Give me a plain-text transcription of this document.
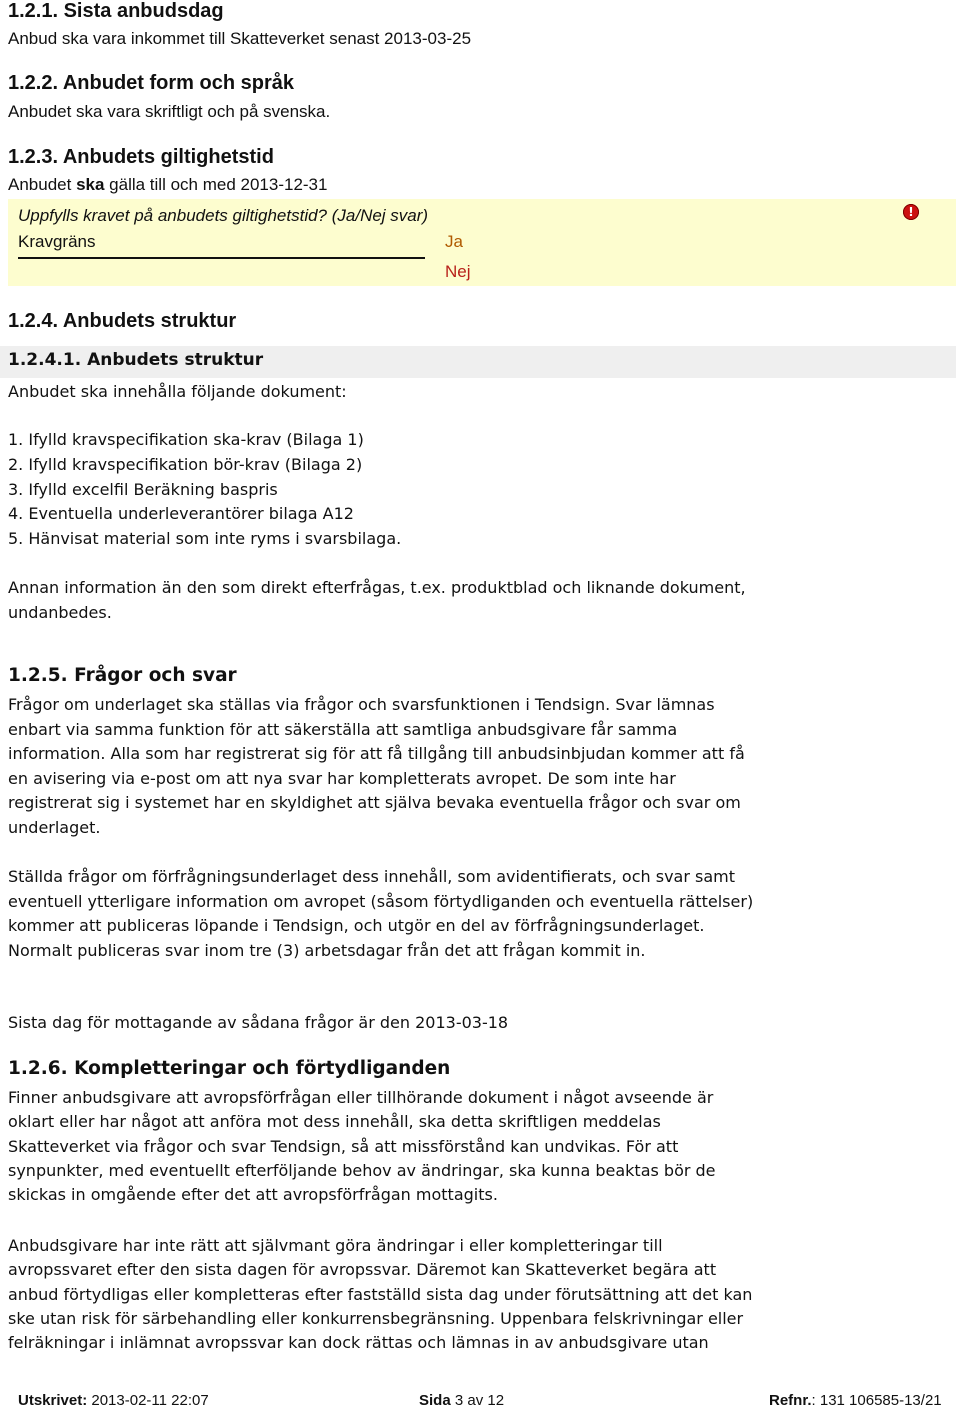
1.2.1. Sista anbudsdag
Anbud ska vara inkommet till Skatteverket senast 2013-03-25
1.2.2. Anbudet form och språk
Anbudet ska vara skriftligt och på svenska.
1.2.3. Anbudets giltighetstid
Anbudet ska gälla till och med 2013-12-31
Uppfylls kravet på anbudets giltighetstid? (Ja/Nej svar)	!
Kravgräns	Ja
Nej
1.2.4. Anbudets struktur
1.2.4.1. Anbudets struktur
Anbudet ska innehålla följande dokument:
1. Ifylld kravspecifikation ska-krav (Bilaga 1)
2. Ifylld kravspecifikation bör-krav (Bilaga 2)
3. Ifylld excelfil Beräkning baspris
4. Eventuella underleverantörer bilaga A12
5. Hänvisat material som inte ryms i svarsbilaga.
Annan information än den som direkt efterfrågas, t.ex. produktblad och liknande dokument,
undanbedes.
1.2.5. Frågor och svar
Frågor om underlaget ska ställas via frågor och svarsfunktionen i Tendsign. Svar lämnas
enbart via samma funktion för att säkerställa att samtliga anbudsgivare får samma
information. Alla som har registrerat sig för att få tillgång till anbudsinbjudan kommer att få
en avisering via e-post om att nya svar har kompletterats avropet. De som inte har
registrerat sig i systemet har en skyldighet att själva bevaka eventuella frågor och svar om
underlaget.
Ställda frågor om förfrågningsunderlaget dess innehåll, som avidentifierats, och svar samt
eventuell ytterligare information om avropet (såsom förtydliganden och eventuella rättelser)
kommer att publiceras löpande i Tendsign, och utgör en del av förfrågningsunderlaget.
Normalt publiceras svar inom tre (3) arbetsdagar från det att frågan kommit in.
Sista dag för mottagande av sådana frågor är den 2013-03-18
1.2.6. Kompletteringar och förtydliganden
Finner anbudsgivare att avropsförfrågan eller tillhörande dokument i något avseende är
oklart eller har något att anföra mot dess innehåll, ska detta skriftligen meddelas
Skatteverket via frågor och svar Tendsign, så att missförstånd kan undvikas. För att
synpunkter, med eventuellt efterföljande behov av ändringar, ska kunna beaktas bör de
skickas in omgående efter det att avropsförfrågan mottagits.
Anbudsgivare har inte rätt att självmant göra ändringar i eller kompletteringar till
avropssvaret efter den sista dagen för avropssvar. Däremot kan Skatteverket begära att
anbud förtydligas eller kompletteras efter fastställd sista dag under förutsättning att det kan
ske utan risk för särbehandling eller konkurrensbegränsning. Uppenbara felskrivningar eller
felräkningar i inlämnat avropssvar kan dock rättas och lämnas in av anbudsgivare utan
Utskrivet: 2013-02-11 22:07	Sida 3 av 12	Refnr.: 131 106585-13/21
